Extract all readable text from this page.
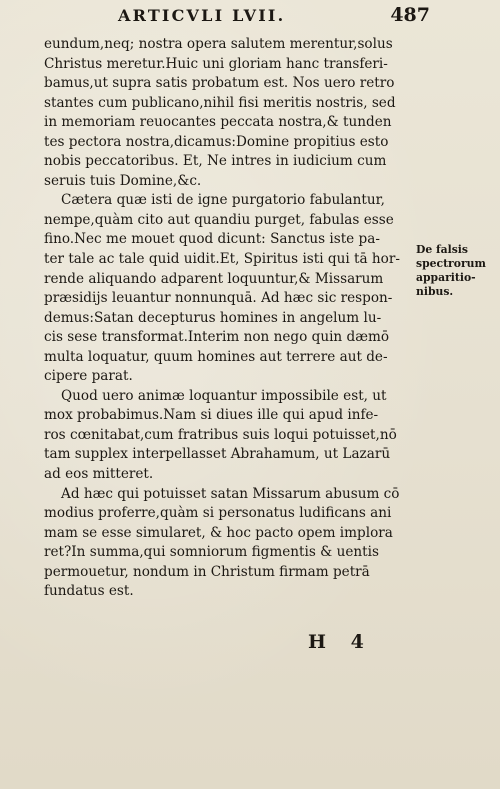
ARTICVLI LVII.	487

eundum,neq; nostra opera salutem merentur,solus
Christus meretur.Huic uni gloriam hanc transferi-
bamus,ut supra satis probatum est. Nos uero retro
stantes cum publicano,nihil fisi meritis nostris, sed
in memoriam reuocantes peccata nostra,& tunden
tes pectora nostra,dicamus:Domine propitius esto
nobis peccatoribus. Et, Ne intres in iudicium cum
seruis tuis Domine,&c.

Cætera quæ isti de igne purgatorio fabulantur,
nempe,quàm cito aut quandiu purget, fabulas esse
fino.Nec me mouet quod dicunt: Sanctus iste pa-
ter tale ac tale quid uidit.Et, Spiritus isti qui tā hor-
rende aliquando adparent loquuntur,& Missarum
præsidijs leuantur nonnunquā. Ad hæc sic respon-
demus:Satan decepturus homines in angelum lu-
cis sese transformat.Interim non nego quin dæmō
multa loquatur, quum homines aut terrere aut de-
cipere parat.

Quod uero animæ loquantur impossibile est, ut
mox probabimus.Nam si diues ille qui apud infe-
ros cœnitabat,cum fratribus suis loqui potuisset,nō
tam supplex interpellasset Abrahamum, ut Lazarū
ad eos mitteret.

Ad hæc qui potuisset satan Missarum abusum cō
modius proferre,quàm si personatus ludificans ani
mam se esse simularet, & hoc pacto opem implora
ret?In summa,qui somniorum figmentis & uentis
permouetur, nondum in Christum firmam petrā
fundatus est.

De falsis
spectrorum
apparitio-
nibus.
H 4
